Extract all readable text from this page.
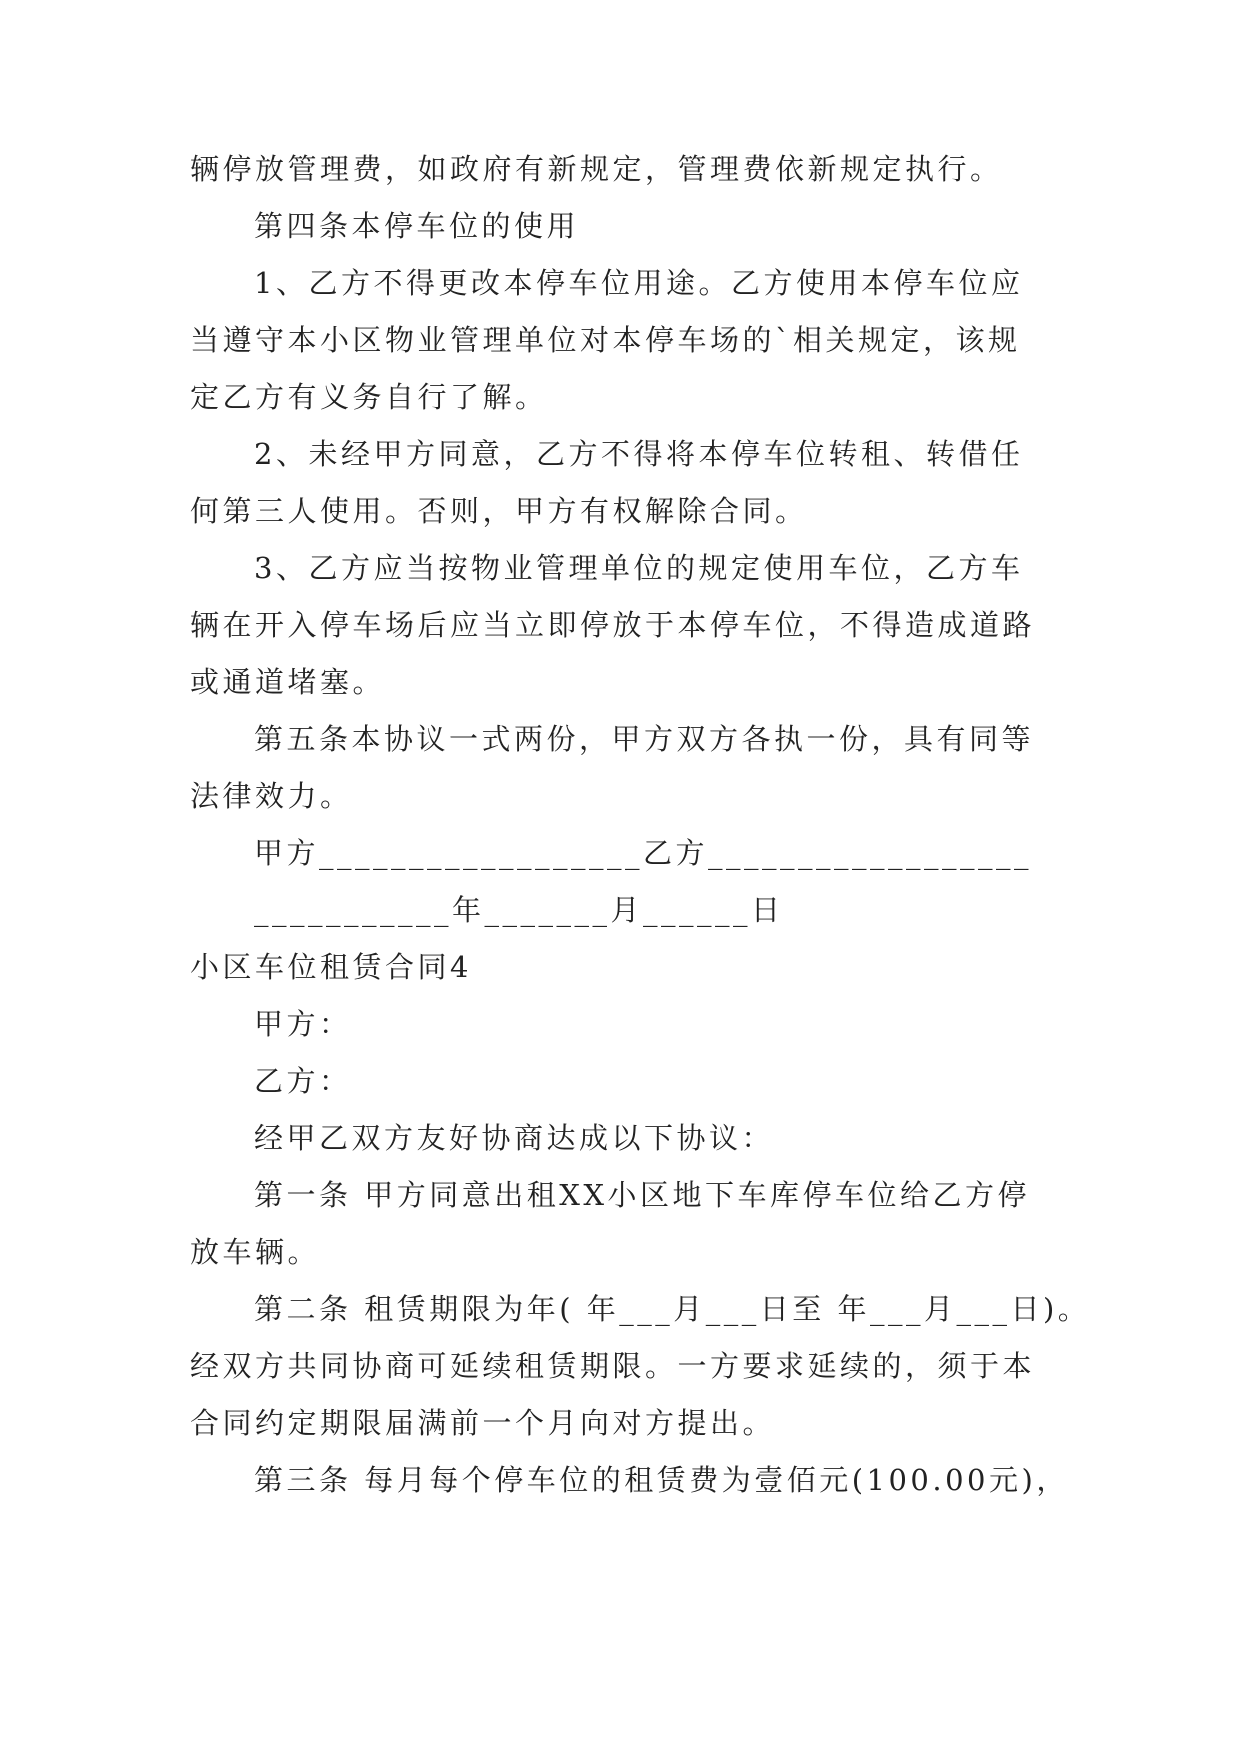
辆停放管理费，如政府有新规定，管理费依新规定执行。
第四条本停车位的使用
1、乙方不得更改本停车位用途。乙方使用本停车位应
当遵守本小区物业管理单位对本停车场的`相关规定，该规
定乙方有义务自行了解。
2、未经甲方同意，乙方不得将本停车位转租、转借任
何第三人使用。否则，甲方有权解除合同。
3、乙方应当按物业管理单位的规定使用车位，乙方车
辆在开入停车场后应当立即停放于本停车位，不得造成道路
或通道堵塞。
第五条本协议一式两份，甲方双方各执一份，具有同等
法律效力。
甲方__________________乙方__________________
___________年_______月______日
小区车位租赁合同4
甲方：
乙方：
经甲乙双方友好协商达成以下协议：
第一条 甲方同意出租XX小区地下车库停车位给乙方停
放车辆。
第二条 租赁期限为年( 年___月___日至 年___月___日)。
经双方共同协商可延续租赁期限。一方要求延续的，须于本
合同约定期限届满前一个月向对方提出。
第三条 每月每个停车位的租赁费为壹佰元(100.00元)，
